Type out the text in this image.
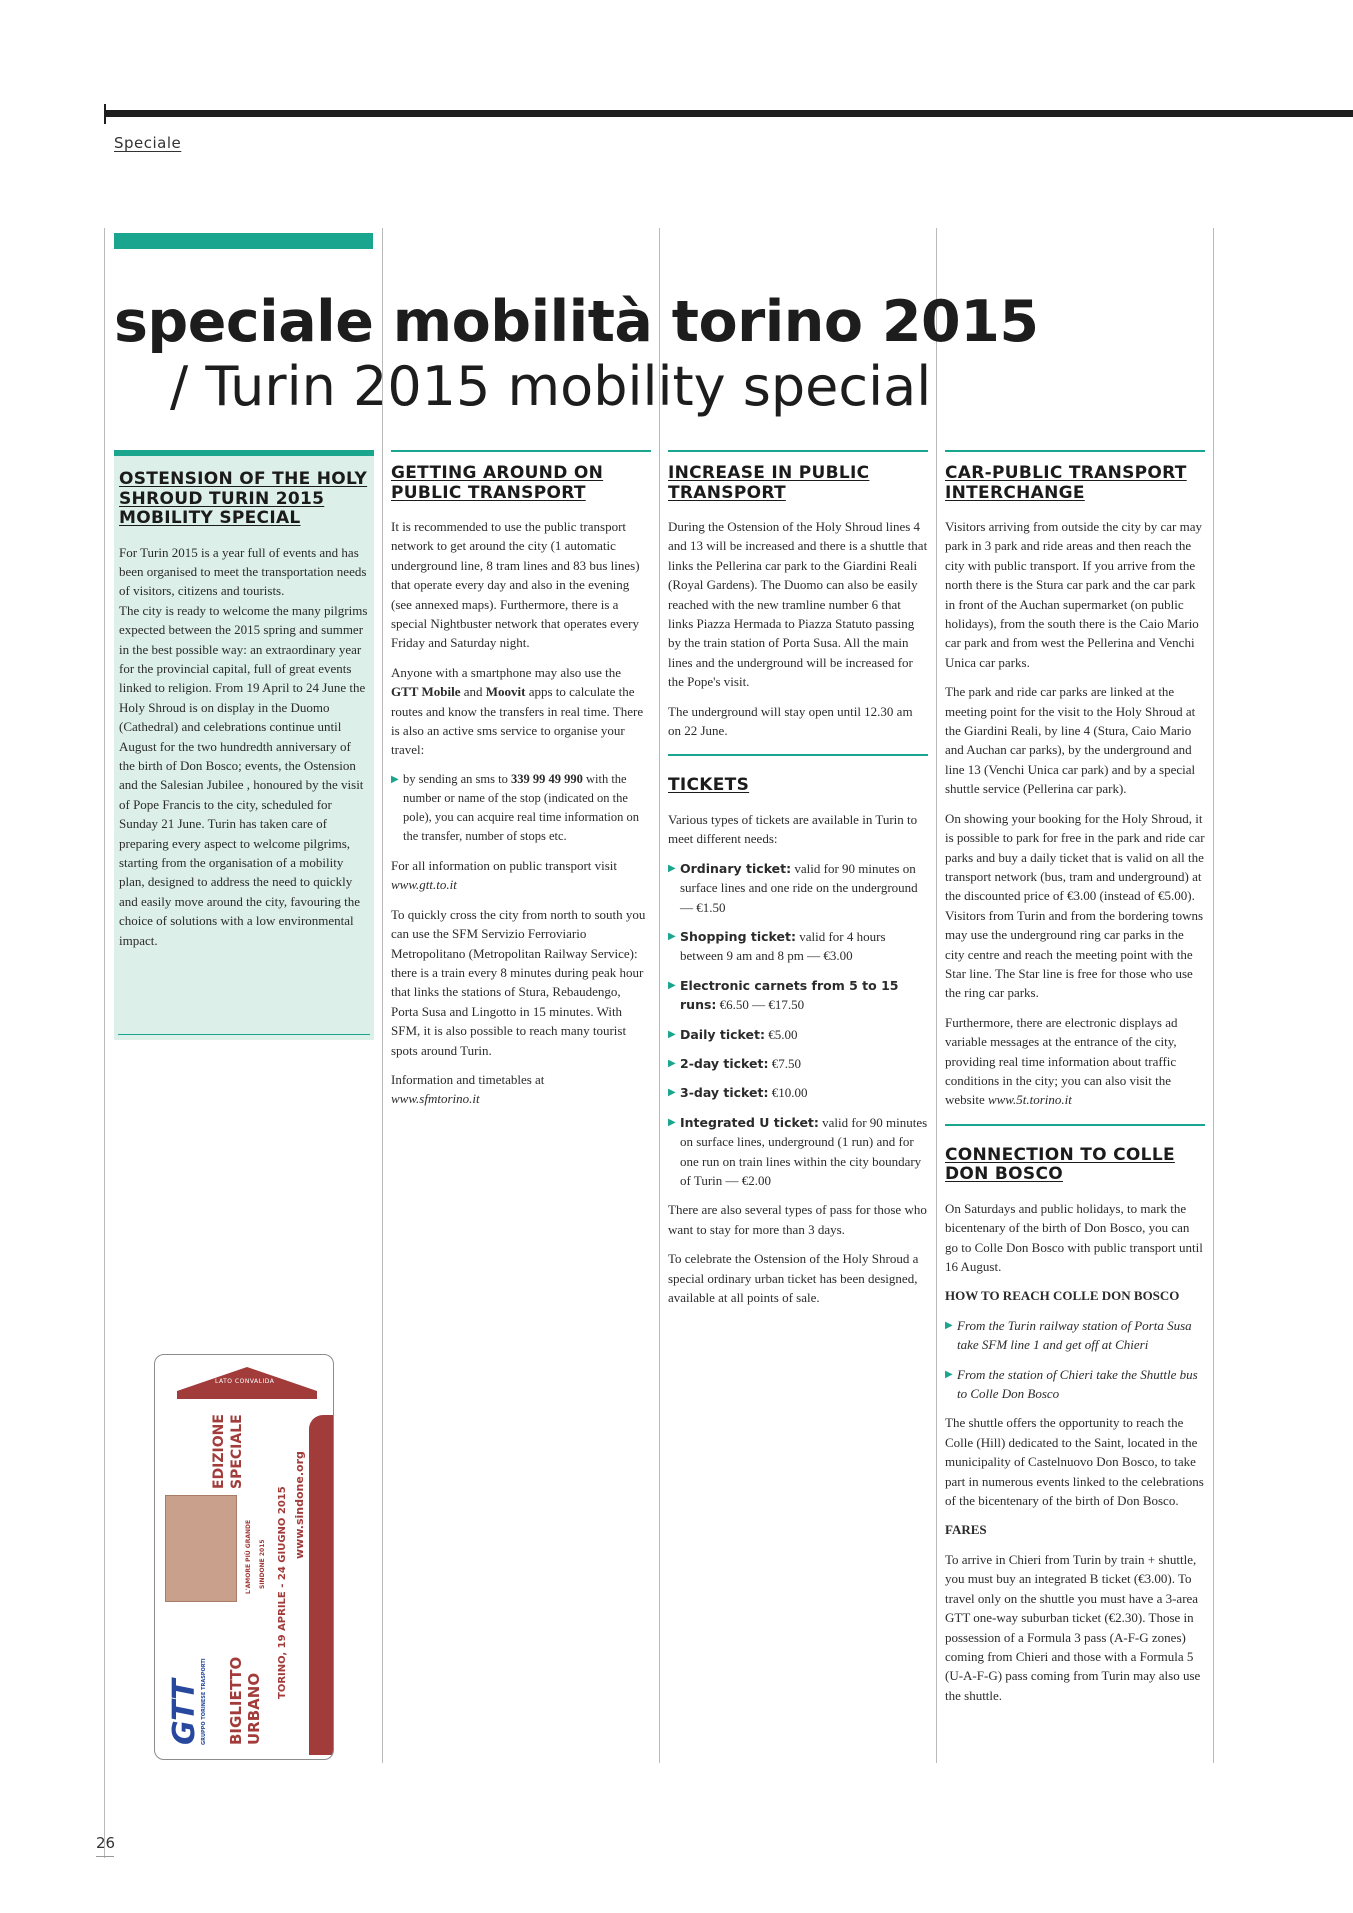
Speciale
speciale mobilità torino 2015
/ Turin 2015 mobility special
OSTENSION OF THE HOLY SHROUD TURIN 2015 MOBILITY SPECIAL

For Turin 2015 is a year full of events and has been organised to meet the transportation needs of visitors, citizens and tourists.

The city is ready to welcome the many pilgrims expected between the 2015 spring and summer in the best possible way: an extraordinary year for the provincial capital, full of great events linked to religion. From 19 April to 24 June the Holy Shroud is on display in the Duomo (Cathedral) and celebrations continue until August for the two hundredth anniversary of the birth of Don Bosco; events, the Ostension and the Salesian Jubilee , honoured by the visit of Pope Francis to the city, scheduled for Sunday 21 June. Turin has taken care of preparing every aspect to welcome pilgrims, starting from the organisation of a mobility plan, designed to address the need to quickly and easily move around the city, favouring the choice of solutions with a low environmental impact.

GETTING AROUND ON PUBLIC TRANSPORT

It is recommended to use the public transport network to get around the city (1 automatic underground line, 8 tram lines and 83 bus lines) that operate every day and also in the evening (see annexed maps). Furthermore, there is a special Nightbuster network that operates every Friday and Saturday night.

Anyone with a smartphone may also use the GTT Mobile and Moovit apps to calculate the routes and know the transfers in real time. There is also an active sms service to organise your travel:

▶ by sending an sms to 339 99 49 990 with the number or name of the stop (indicated on the pole), you can acquire real time information on the transfer, number of stops etc.

For all information on public transport visit
www.gtt.to.it

To quickly cross the city from north to south you can use the SFM Servizio Ferroviario Metropolitano (Metropolitan Railway Service): there is a train every 8 minutes during peak hour that links the stations of Stura, Rebaudengo, Porta Susa and Lingotto in 15 minutes. With SFM, it is also possible to reach many tourist spots around Turin.

Information and timetables at
www.sfmtorino.it

INCREASE IN PUBLIC TRANSPORT

During the Ostension of the Holy Shroud lines 4 and 13 will be increased and there is a shuttle that links the Pellerina car park to the Giardini Reali (Royal Gardens). The Duomo can also be easily reached with the new tramline number 6 that links Piazza Hermada to Piazza Statuto passing by the train station of Porta Susa. All the main lines and the underground will be increased for the Pope's visit.

The underground will stay open until 12.30 am on 22 June.

TICKETS

Various types of tickets are available in Turin to meet different needs:

▶ Ordinary ticket: valid for 90 minutes on surface lines and one ride on the underground — €1.50
▶ Shopping ticket: valid for 4 hours between 9 am and 8 pm — €3.00
▶ Electronic carnets from 5 to 15 runs: €6.50 — €17.50
▶ Daily ticket: €5.00
▶ 2-day ticket: €7.50
▶ 3-day ticket: €10.00
▶ Integrated U ticket: valid for 90 minutes on surface lines, underground (1 run) and for one run on train lines within the city boundary of Turin — €2.00

There are also several types of pass for those who want to stay for more than 3 days.

To celebrate the Ostension of the Holy Shroud a special ordinary urban ticket has been designed, available at all points of sale.

CAR-PUBLIC TRANSPORT INTERCHANGE

Visitors arriving from outside the city by car may park in 3 park and ride areas and then reach the city with public transport. If you arrive from the north there is the Stura car park and the car park in front of the Auchan supermarket (on public holidays), from the south there is the Caio Mario car park and from west the Pellerina and Venchi Unica car parks.

The park and ride car parks are linked at the meeting point for the visit to the Holy Shroud at the Giardini Reali, by line 4 (Stura, Caio Mario and Auchan car parks), by the underground and line 13 (Venchi Unica car park) and by a special shuttle service (Pellerina car park).

On showing your booking for the Holy Shroud, it is possible to park for free in the park and ride car parks and buy a daily ticket that is valid on all the transport network (bus, tram and underground) at the discounted price of €3.00 (instead of €5.00). Visitors from Turin and from the bordering towns may use the underground ring car parks in the city centre and reach the meeting point with the Star line. The Star line is free for those who use the ring car parks.

Furthermore, there are electronic displays ad variable messages at the entrance of the city, providing real time information about traffic conditions in the city; you can also visit the website www.5t.torino.it

CONNECTION TO COLLE DON BOSCO

On Saturdays and public holidays, to mark the bicentenary of the birth of Don Bosco, you can go to Colle Don Bosco with public transport until 16 August.

HOW TO REACH COLLE DON BOSCO

▶ From the Turin railway station of Porta Susa take SFM line 1 and get off at Chieri
▶ From the station of Chieri take the Shuttle bus to Colle Don Bosco

The shuttle offers the opportunity to reach the Colle (Hill) dedicated to the Saint, located in the municipality of Castelnuovo Don Bosco, to take part in numerous events linked to the celebrations of the bicentenary of the birth of Don Bosco.

FARES

To arrive in Chieri from Turin by train + shuttle, you must buy an integrated B ticket (€3.00). To travel only on the shuttle you must have a 3-area GTT one-way suburban ticket (€2.30). Those in possession of a Formula 3 pass (A-F-G zones) coming from Chieri and those with a Formula 5 (U-A-F-G) pass coming from Turin may also use the shuttle.

GTT GRUPPO TORINESE TRASPORTI BIGLIETTO URBANO
L'AMORE PIÙ GRANDE SINDONE 2015
EDIZIONE SPECIALE
TORINO, 19 APRILE - 24 GIUGNO 2015 www.sindone.org
Cod. 003
LATO CONVALIDA
26
